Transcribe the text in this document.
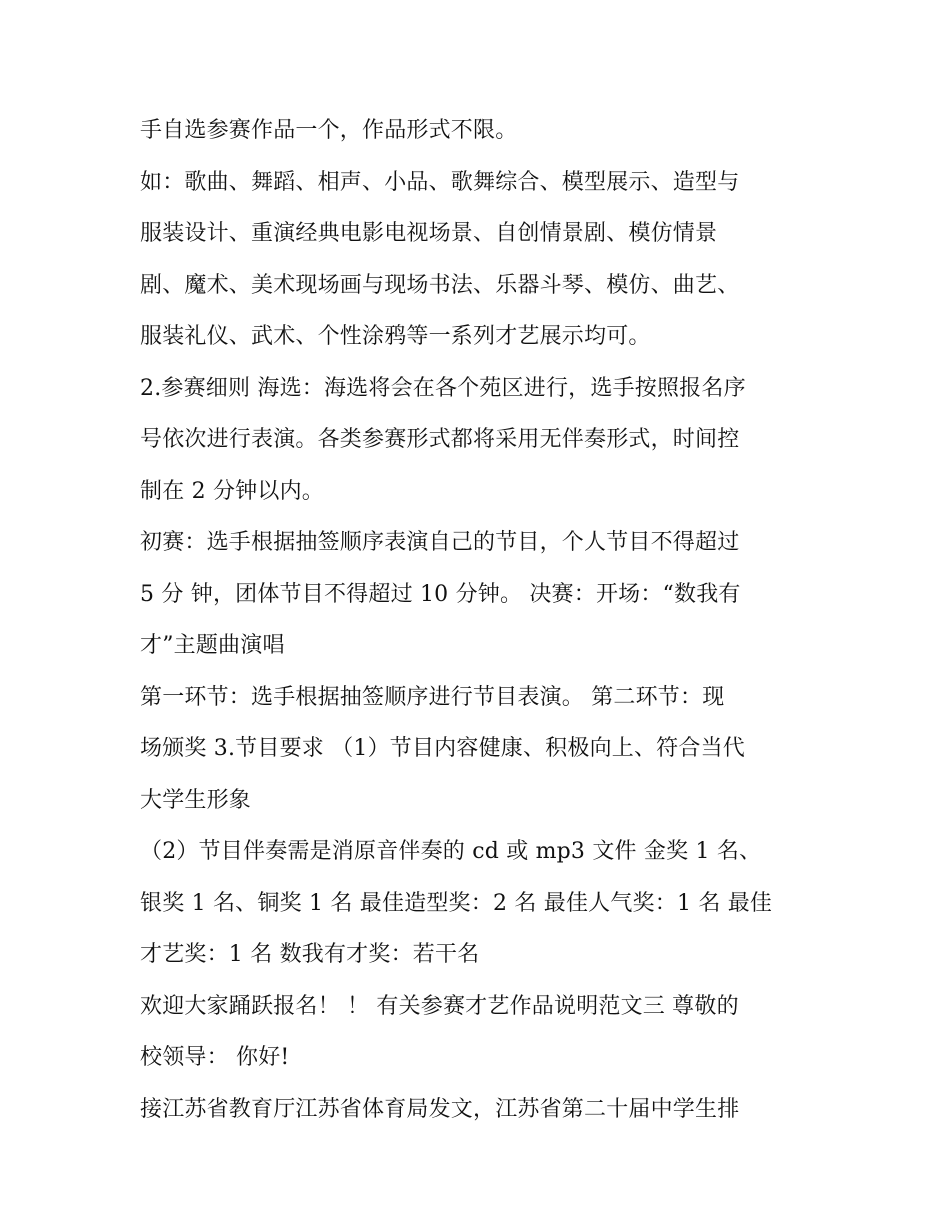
手自选参赛作品一个，作品形式不限。
如：歌曲、舞蹈、相声、小品、歌舞综合、模型展示、造型与
服装设计、重演经典电影电视场景、自创情景剧、模仿情景
剧、魔术、美术现场画与现场书法、乐器斗琴、模仿、曲艺、
服装礼仪、武术、个性涂鸦等一系列才艺展示均可。
2.参赛细则 海选：海选将会在各个苑区进行，选手按照报名序
号依次进行表演。各类参赛形式都将采用无伴奏形式，时间控
制在 2 分钟以内。
初赛：选手根据抽签顺序表演自己的节目，个人节目不得超过
5 分 钟，团体节目不得超过 10 分钟。 决赛：开场：“数我有
才”主题曲演唱
第一环节：选手根据抽签顺序进行节目表演。 第二环节：现
场颁奖 3.节目要求 （1）节目内容健康、积极向上、符合当代
大学生形象
（2）节目伴奏需是消原音伴奏的 cd 或 mp3 文件 金奖 1 名、
银奖 1 名、铜奖 1 名 最佳造型奖：2 名 最佳人气奖：1 名 最佳
才艺奖：1 名 数我有才奖：若干名
欢迎大家踊跃报名！ ！ 有关参赛才艺作品说明范文三 尊敬的
校领导： 你好!
接江苏省教育厅江苏省体育局发文，江苏省第二十届中学生排
